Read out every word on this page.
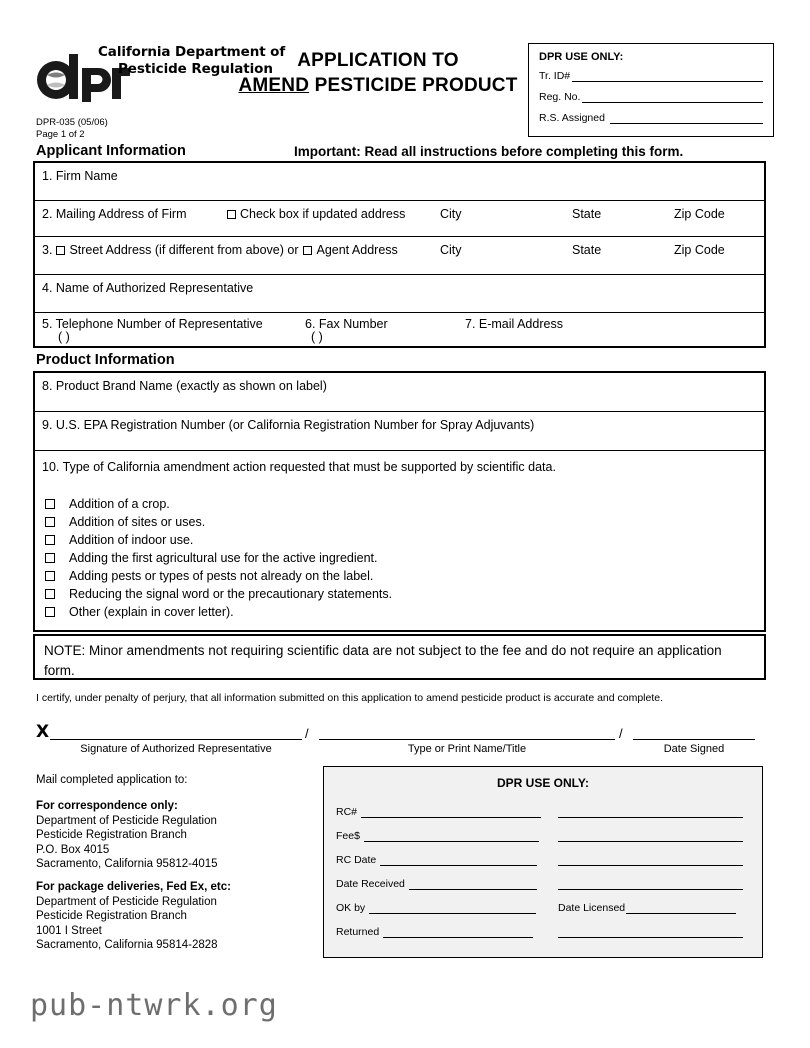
California Department of
Pesticide Regulation
DPR-035 (05/06)
Page 1 of 2
APPLICATION TO
AMEND PESTICIDE PRODUCT
DPR USE ONLY:
Tr. ID#
Reg. No.
R.S. Assigned
Applicant Information	Important: Read all instructions before completing this form.
1. Firm Name
2. Mailing Address of Firm	Check box if updated address	City	State	Zip Code
3. Street Address (if different from above) or Agent Address	City	State	Zip Code
4. Name of Authorized Representative
5. Telephone Number of Representative
( )
6. Fax Number
( )
7. E-mail Address
Product Information
8. Product Brand Name (exactly as shown on label)
9. U.S. EPA Registration Number (or California Registration Number for Spray Adjuvants)
10. Type of California amendment action requested that must be supported by scientific data.
Addition of a crop.
Addition of sites or uses.
Addition of indoor use.
Adding the first agricultural use for the active ingredient.
Adding pests or types of pests not already on the label.
Reducing the signal word or the precautionary statements.
Other (explain in cover letter).
NOTE: Minor amendments not requiring scientific data are not subject to the fee and do not require an application form.
I certify, under penalty of perjury, that all information submitted on this application to amend pesticide product is accurate and complete.
X	/	/
Signature of Authorized Representative	Type or Print Name/Title	Date Signed
Mail completed application to:
For correspondence only:
Department of Pesticide Regulation
Pesticide Registration Branch
P.O. Box 4015
Sacramento, California 95812-4015
For package deliveries, Fed Ex, etc:
Department of Pesticide Regulation
Pesticide Registration Branch
1001 I Street
Sacramento, California 95814-2828
DPR USE ONLY:
RC#
Fee$
RC Date
Date Received
OK by	Date Licensed
Returned
pub-ntwrk.org
